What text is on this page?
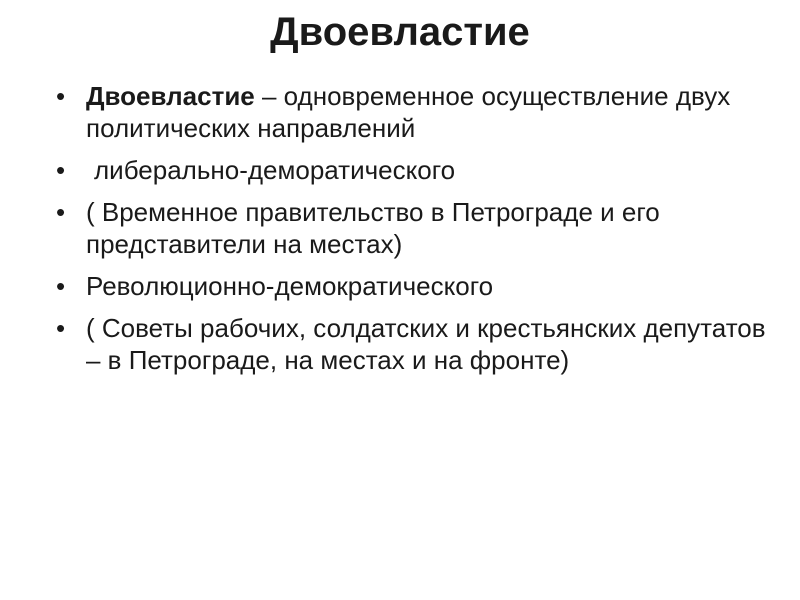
Двоевластие
• Двоевластие – одновременное осуществление двух политических направлений
• либерально-деморатического
• ( Временное правительство в Петрограде и его представители на местах)
• Революционно-демократического
• ( Советы рабочих, солдатских и крестьянских депутатов – в Петрограде, на местах и на фронте)
